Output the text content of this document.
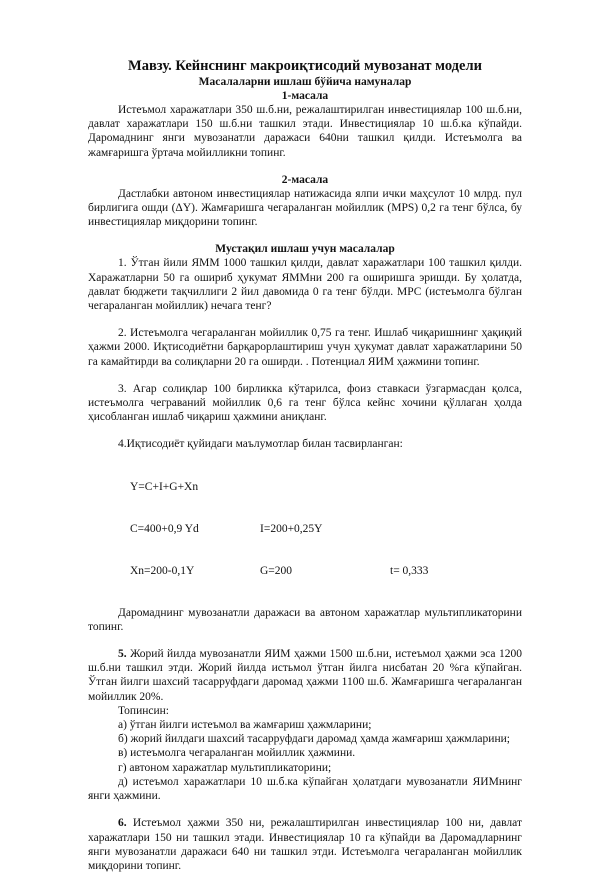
Мавзу. Кейнснинг макроиқтисодий мувозанат модели
Масалаларни ишлаш бўйича намуналар
1-масала

Истеъмол харажатлари 350 ш.б.ни, режалаштирилган инвестициялар 100 ш.б.ни, давлат харажатлари 150 ш.б.ни ташкил этади. Инвестициялар 10 ш.б.ка кўпайди. Даромаднинг янги мувозанатли даражаси 640ни ташкил қилди. Истеъмолга ва жамғаришга ўртача мойилликни топинг.

2-масала

Дастлабки автоном инвестициялар натижасида ялпи ички маҳсулот 10 млрд. пул бирлигига ошди (ΔY). Жамғаришга чегараланган мойиллик (MPS) 0,2 га тенг бўлса, бу инвестициялар миқдорини топинг.

Мустақил ишлаш учун масалалар

1. Ўтган йили ЯММ 1000 ташкил қилди, давлат харажатлари 100 ташкил қилди. Харажатларни 50 га ошириб ҳукумат ЯММни 200 га оширишга эришди. Бу ҳолатда, давлат бюджети тақчиллиги 2 йил давомида 0 га тенг бўлди. МРС (истеъмолга бўлган чегараланган мойиллик) нечага тенг?

2. Истеъмолга чегараланган мойиллик 0,75 га тенг. Ишлаб чиқаришнинг ҳақиқий ҳажми 2000. Иқтисодиётни барқарорлаштириш учун ҳукумат давлат харажатларини 50 га камайтирди ва солиқларни 20 га оширди. . Потенциал ЯИМ ҳажмини топинг.

3. Агар солиқлар 100 бирликка кўтарилса, фоиз ставкаси ўзгармасдан қолса, истеъмолга чеграваний мойиллик 0,6 га тенг бўлса кейнс хочини қўллаган ҳолда ҳисобланган ишлаб чиқариш ҳажмини аниқланг.

4.Иқтисодиёт қуйидаги маълумотлар билан тасвирланган:

Y=C+I+G+Xn

C=400+0,9 Yd	I=200+0,25Y

Xn=200-0,1Y	G=200	t= 0,333

Даромаднинг мувозанатли даражаси ва автоном харажатлар мультипликаторини топинг.

5. Жорий йилда мувозанатли ЯИМ ҳажми 1500 ш.б.ни, истеъмол ҳажми эса 1200 ш.б.ни ташкил этди. Жорий йилда истьмол ўтган йилга нисбатан 20 %га кўпайган. Ўтган йилги шахсий тасарруфдаги даромад ҳажми 1100 ш.б. Жамғаришга чегараланган мойиллик 20%.

Топинсин:

а) ўтган йилги истеъмол ва жамғариш ҳажмларини;

б) жорий йилдаги шахсий тасарруфдаги даромад ҳамда жамғариш ҳажмларини;

в) истеъмолга чегараланган мойиллик ҳажмини.

г) автоном харажатлар мультипликаторини;

д) истеъмол харажатлари 10 ш.б.ка кўпайган ҳолатдаги мувозанатли ЯИМнинг янги ҳажмини.

6. Истеъмол ҳажми 350 ни, режалаштирилган инвестициялар 100 ни, давлат харажатлари 150 ни ташкил этади. Инвестициялар 10 га кўпайди ва Даромадларнинг янги мувозанатли даражаси 640 ни ташкил этди. Истеъмолга чегараланган мойиллик миқдорини топинг.
